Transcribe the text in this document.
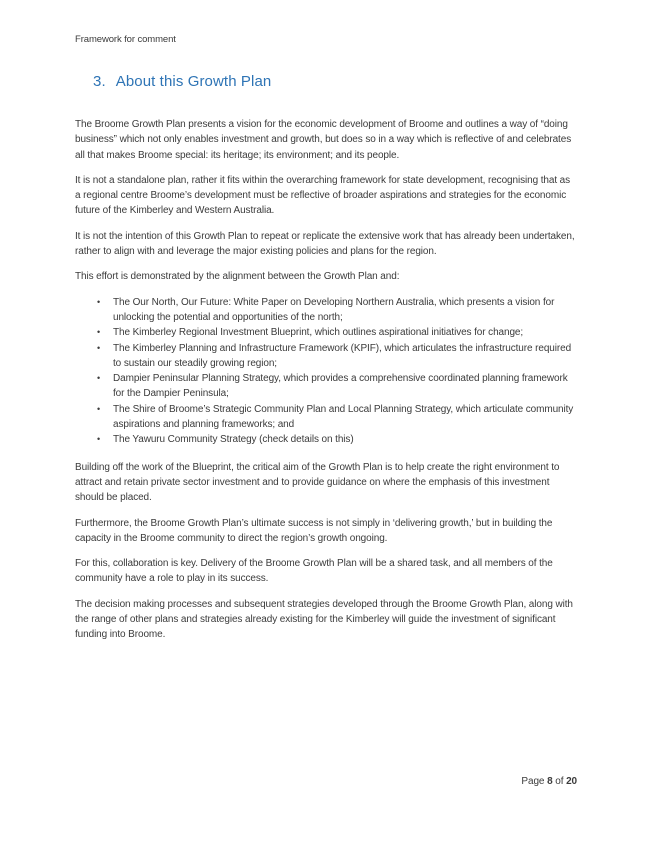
Framework for comment
3. About this Growth Plan

The Broome Growth Plan presents a vision for the economic development of Broome and outlines a way of “doing business” which not only enables investment and growth, but does so in a way which is reflective of and celebrates all that makes Broome special: its heritage; its environment; and its people.

It is not a standalone plan, rather it fits within the overarching framework for state development, recognising that as a regional centre Broome’s development must be reflective of broader aspirations and strategies for the economic future of the Kimberley and Western Australia.

It is not the intention of this Growth Plan to repeat or replicate the extensive work that has already been undertaken, rather to align with and leverage the major existing policies and plans for the region.

This effort is demonstrated by the alignment between the Growth Plan and:

•	The Our North, Our Future: White Paper on Developing Northern Australia, which presents a vision for unlocking the potential and opportunities of the north;
•	The Kimberley Regional Investment Blueprint, which outlines aspirational initiatives for change;
•	The Kimberley Planning and Infrastructure Framework (KPIF), which articulates the infrastructure required to sustain our steadily growing region;
•	Dampier Peninsular Planning Strategy, which provides a comprehensive coordinated planning framework for the Dampier Peninsula;
•	The Shire of Broome’s Strategic Community Plan and Local Planning Strategy, which articulate community aspirations and planning frameworks; and
•	The Yawuru Community Strategy (check details on this)

Building off the work of the Blueprint, the critical aim of the Growth Plan is to help create the right environment to attract and retain private sector investment and to provide guidance on where the emphasis of this investment should be placed.

Furthermore, the Broome Growth Plan’s ultimate success is not simply in ‘delivering growth,’ but in building the capacity in the Broome community to direct the region’s growth ongoing.

For this, collaboration is key. Delivery of the Broome Growth Plan will be a shared task, and all members of the community have a role to play in its success.

The decision making processes and subsequent strategies developed through the Broome Growth Plan, along with the range of other plans and strategies already existing for the Kimberley will guide the investment of significant funding into Broome.

Page 8 of 20
